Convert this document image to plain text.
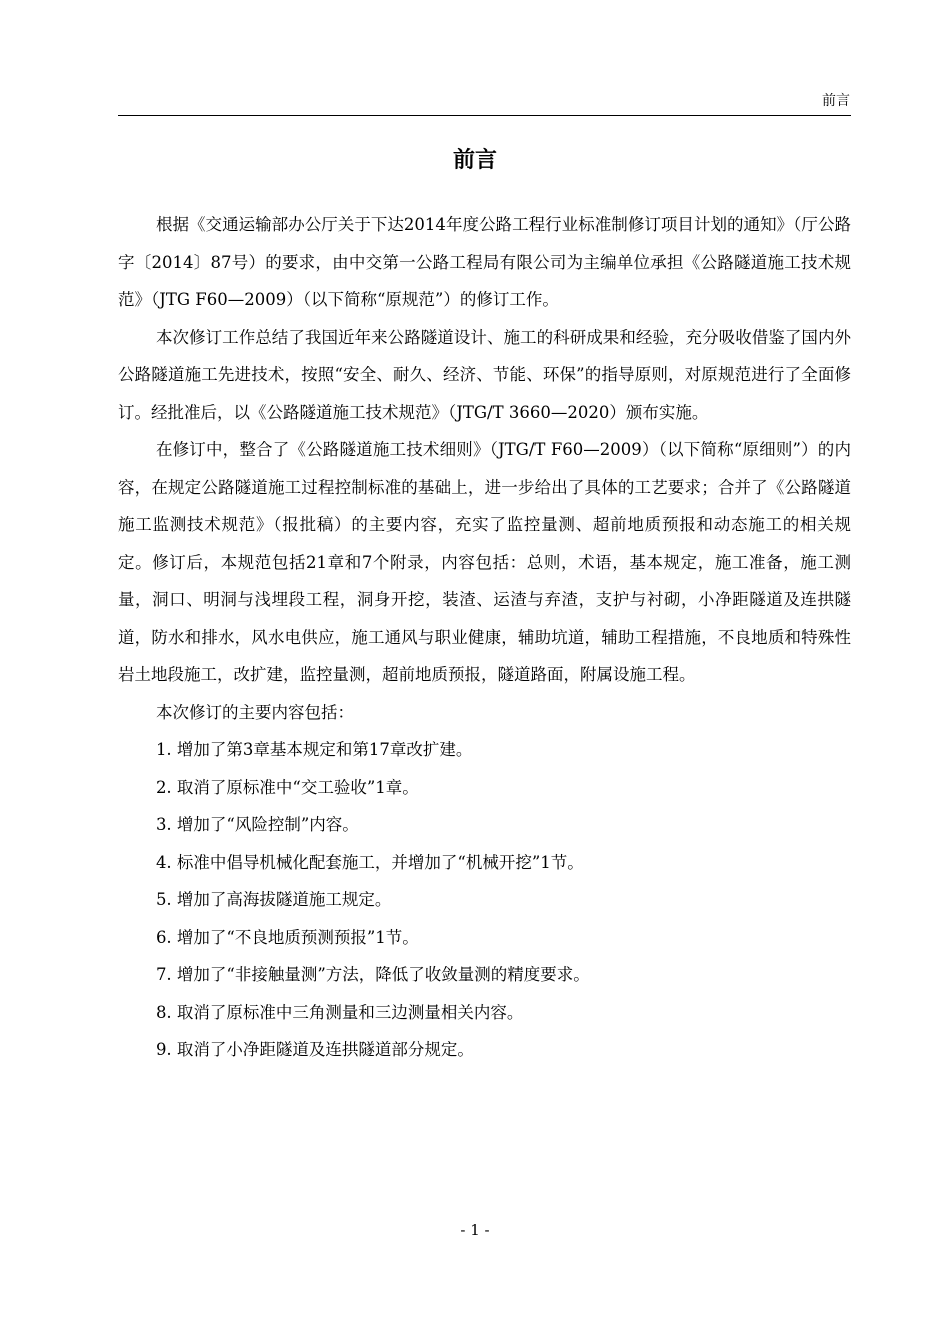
前言
前言

根据《交通运输部办公厅关于下达2014年度公路工程行业标准制修订项目计划的通知》（厅公路字〔2014〕87号）的要求，由中交第一公路工程局有限公司为主编单位承担《公路隧道施工技术规范》（JTG F60—2009）（以下简称“原规范”）的修订工作。

本次修订工作总结了我国近年来公路隧道设计、施工的科研成果和经验，充分吸收借鉴了国内外公路隧道施工先进技术，按照“安全、耐久、经济、节能、环保”的指导原则，对原规范进行了全面修订。经批准后，以《公路隧道施工技术规范》（JTG/T 3660—2020）颁布实施。

在修订中，整合了《公路隧道施工技术细则》（JTG/T F60—2009）（以下简称“原细则”）的内容，在规定公路隧道施工过程控制标准的基础上，进一步给出了具体的工艺要求；合并了《公路隧道施工监测技术规范》（报批稿）的主要内容，充实了监控量测、超前地质预报和动态施工的相关规定。修订后，本规范包括21章和7个附录，内容包括：总则，术语，基本规定，施工准备，施工测量，洞口、明洞与浅埋段工程，洞身开挖，装渣、运渣与弃渣，支护与衬砌，小净距隧道及连拱隧道，防水和排水，风水电供应，施工通风与职业健康，辅助坑道，辅助工程措施，不良地质和特殊性岩土地段施工，改扩建，监控量测，超前地质预报，隧道路面，附属设施工程。

本次修订的主要内容包括：

1. 增加了第3章基本规定和第17章改扩建。

2. 取消了原标准中“交工验收”1章。

3. 增加了“风险控制”内容。

4. 标准中倡导机械化配套施工，并增加了“机械开挖”1节。

5. 增加了高海拔隧道施工规定。

6. 增加了“不良地质预测预报”1节。

7. 增加了“非接触量测”方法，降低了收敛量测的精度要求。

8. 取消了原标准中三角测量和三边测量相关内容。

9. 取消了小净距隧道及连拱隧道部分规定。

- 1 -
